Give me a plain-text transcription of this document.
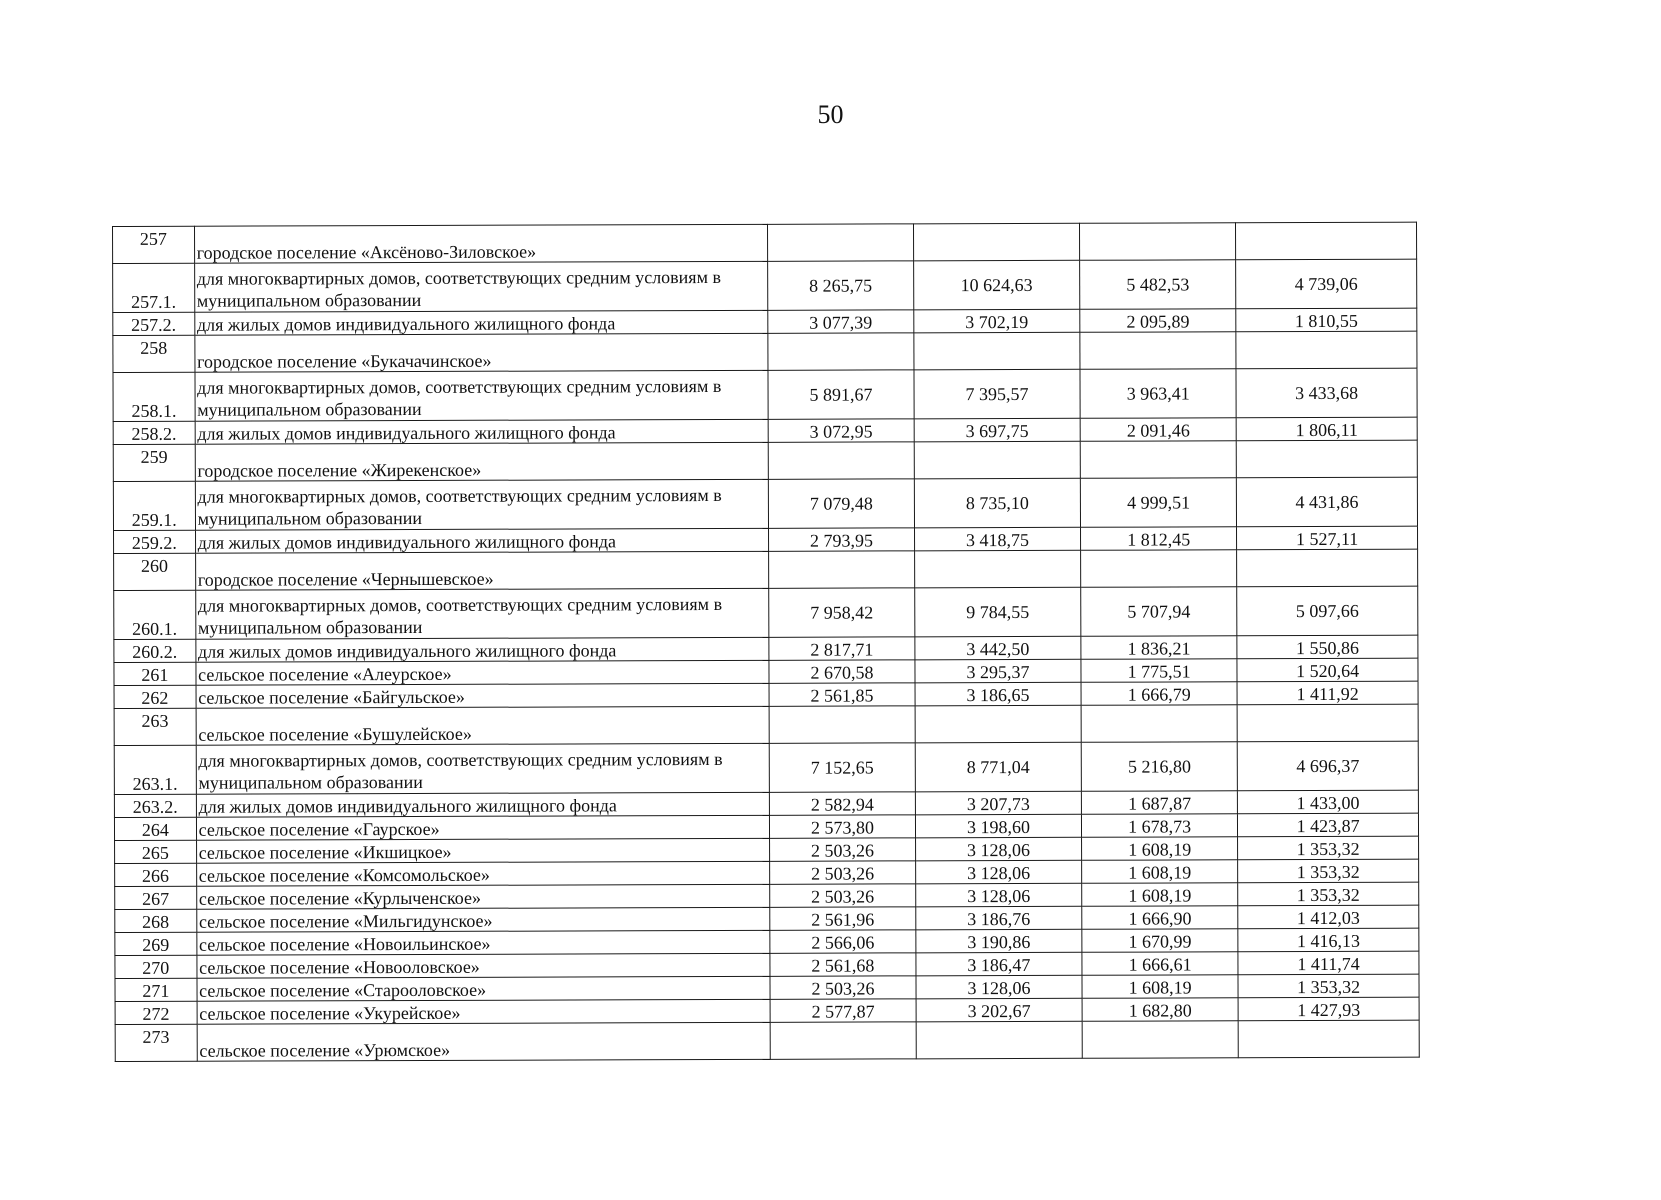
50
257	городское поселение «Аксёново-Зиловское»				
257.1.	для многоквартирных домов, соответствующих средним условиям в муниципальном образовании	8 265,75	10 624,63	5 482,53	4 739,06
257.2.	для жилых домов индивидуального жилищного фонда	3 077,39	3 702,19	2 095,89	1 810,55
258	городское поселение «Букачачинское»				
258.1.	для многоквартирных домов, соответствующих средним условиям в муниципальном образовании	5 891,67	7 395,57	3 963,41	3 433,68
258.2.	для жилых домов индивидуального жилищного фонда	3 072,95	3 697,75	2 091,46	1 806,11
259	городское поселение «Жирекенское»				
259.1.	для многоквартирных домов, соответствующих средним условиям в муниципальном образовании	7 079,48	8 735,10	4 999,51	4 431,86
259.2.	для жилых домов индивидуального жилищного фонда	2 793,95	3 418,75	1 812,45	1 527,11
260	городское поселение «Чернышевское»				
260.1.	для многоквартирных домов, соответствующих средним условиям в муниципальном образовании	7 958,42	9 784,55	5 707,94	5 097,66
260.2.	для жилых домов индивидуального жилищного фонда	2 817,71	3 442,50	1 836,21	1 550,86
261	сельское поселение «Алеурское»	2 670,58	3 295,37	1 775,51	1 520,64
262	сельское поселение «Байгульское»	2 561,85	3 186,65	1 666,79	1 411,92
263	сельское поселение «Бушулейское»				
263.1.	для многоквартирных домов, соответствующих средним условиям в муниципальном образовании	7 152,65	8 771,04	5 216,80	4 696,37
263.2.	для жилых домов индивидуального жилищного фонда	2 582,94	3 207,73	1 687,87	1 433,00
264	сельское поселение «Гаурское»	2 573,80	3 198,60	1 678,73	1 423,87
265	сельское поселение «Икшицкое»	2 503,26	3 128,06	1 608,19	1 353,32
266	сельское поселение «Комсомольское»	2 503,26	3 128,06	1 608,19	1 353,32
267	сельское поселение «Курлыченское»	2 503,26	3 128,06	1 608,19	1 353,32
268	сельское поселение «Мильгидунское»	2 561,96	3 186,76	1 666,90	1 412,03
269	сельское поселение «Новоильинское»	2 566,06	3 190,86	1 670,99	1 416,13
270	сельское поселение «Новоoловское»	2 561,68	3 186,47	1 666,61	1 411,74
271	сельское поселение «Старооловское»	2 503,26	3 128,06	1 608,19	1 353,32
272	сельское поселение «Укурейское»	2 577,87	3 202,67	1 682,80	1 427,93
273	сельское поселение «Урюмское»				
